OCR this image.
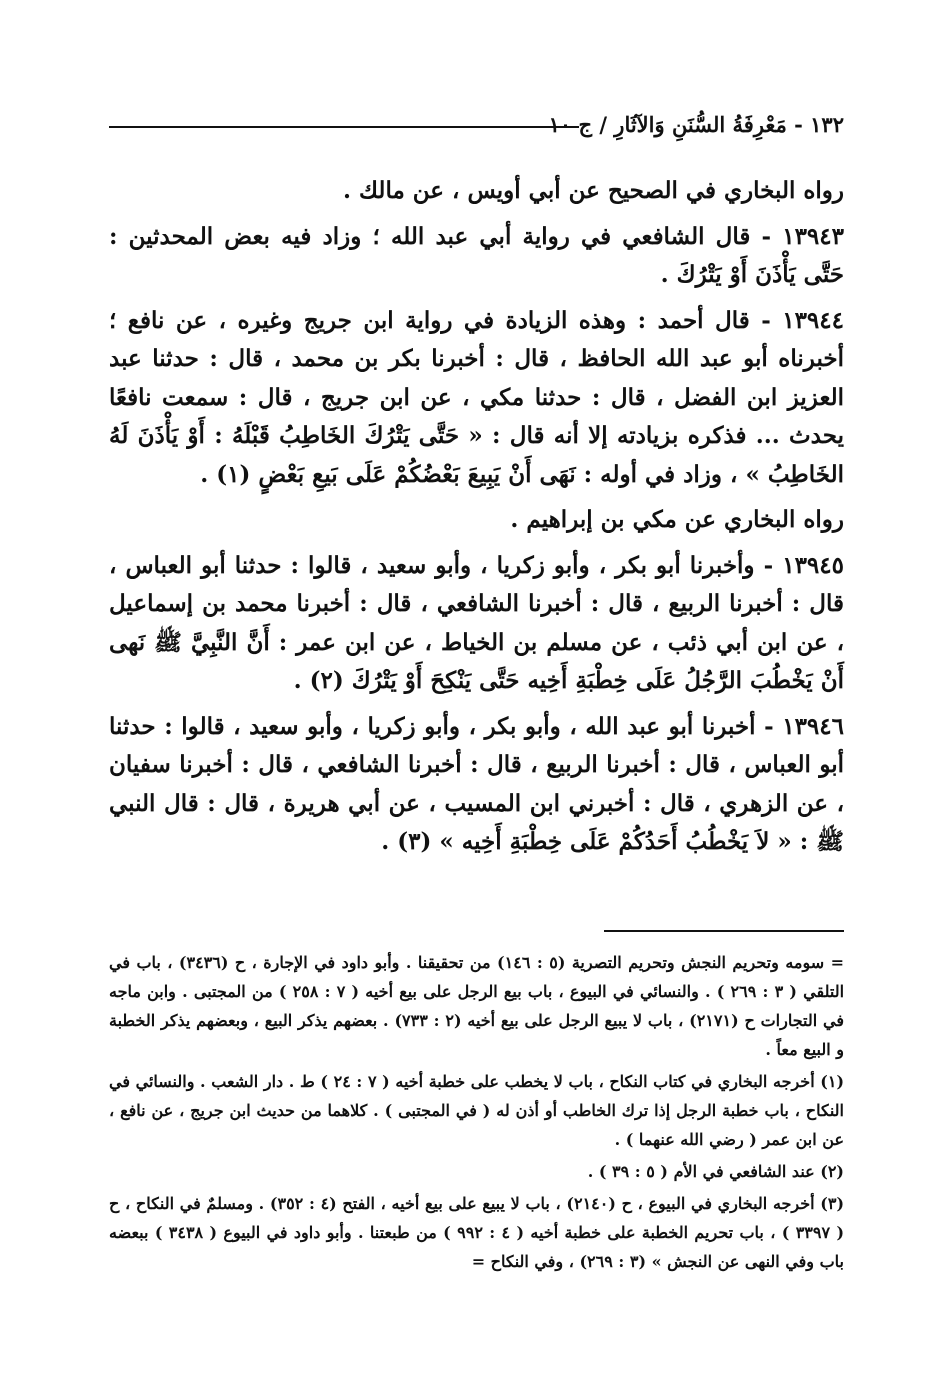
١٣٢ - مَعْرِفَةُ السُّنَنِ وَالآثَارِ / ج ١٠

رواه البخاري في الصحيح عن أبي أويس ، عن مالك .

١٣٩٤٣ - قال الشافعي في رواية أبي عبد الله ؛ وزاد فيه بعض المحدثين : حَتَّى يَأْذَنَ أَوْ يَتْرُكَ .

١٣٩٤٤ - قال أحمد : وهذه الزيادة في رواية ابن جريج وغيره ، عن نافع ؛ أخبرناه أبو عبد الله الحافظ ، قال : أخبرنا بكر بن محمد ، قال : حدثنا عبد العزيز ابن الفضل ، قال : حدثنا مكي ، عن ابن جريج ، قال : سمعت نافعًا يحدث ... فذكره بزيادته إلا أنه قال : « حَتَّى يَتْرُكَ الخَاطِبُ قَبْلَهُ : أَوْ يَأْذَنَ لَهُ الخَاطِبُ » ، وزاد في أوله : نَهَى أَنْ يَبِيعَ بَعْضُكُمْ عَلَى بَيعِ بَعْضٍ (١) .

رواه البخاري عن مكي بن إبراهيم .

١٣٩٤٥ - وأخبرنا أبو بكر ، وأبو زكريا ، وأبو سعيد ، قالوا : حدثنا أبو العباس ، قال : أخبرنا الربيع ، قال : أخبرنا الشافعي ، قال : أخبرنا محمد بن إسماعيل ، عن ابن أبي ذئب ، عن مسلم بن الخياط ، عن ابن عمر : أَنَّ النَّبِيَّ ﷺ نَهى أَنْ يَخْطُبَ الرَّجُلُ عَلَى خِطْبَةِ أَخِيه حَتَّى يَنْكِحَ أَوْ يَتْرُكَ (٢) .

١٣٩٤٦ - أخبرنا أبو عبد الله ، وأبو بكر ، وأبو زكريا ، وأبو سعيد ، قالوا : حدثنا أبو العباس ، قال : أخبرنا الربيع ، قال : أخبرنا الشافعي ، قال : أخبرنا سفيان ، عن الزهري ، قال : أخبرني ابن المسيب ، عن أبي هريرة ، قال : قال النبي ﷺ : « لاَ يَخْطُبُ أَحَدُكُمْ عَلَى خِطْبَةِ أَخِيه » (٣) .

= سومه وتحريم النجش وتحريم التصرية (٥ : ١٤٦) من تحقيقنا . وأبو داود في الإجارة ، ح (٣٤٣٦) ، باب في التلقي ( ٣ : ٢٦٩ ) . والنسائي في البيوع ، باب بيع الرجل على بيع أخيه ( ٧ : ٢٥٨ ) من المجتبى . وابن ماجه في التجارات ح (٢١٧١) ، باب لا يبيع الرجل على بيع أخيه (٢ : ٧٣٣) . بعضهم يذكر البيع ، وبعضهم يذكر الخطبة و البيع معاً .

(١) أخرجه البخاري في كتاب النكاح ، باب لا يخطب على خطبة أخيه ( ٧ : ٢٤ ) ط . دار الشعب . والنسائي في النكاح ، باب خطبة الرجل إذا ترك الخاطب أو أذن له ( في المجتبى ) . كلاهما من حديث ابن جريج ، عن نافع ، عن ابن عمر ( رضي الله عنهما ) .

(٢) عند الشافعي في الأم ( ٥ : ٣٩ ) .

(٣) أخرجه البخاري في البيوع ، ح (٢١٤٠) ، باب لا يبيع على بيع أخيه ، الفتح (٤ : ٣٥٢) . ومسلمٌ في النكاح ، ح ( ٣٣٩٧ ) ، باب تحريم الخطبة على خطبة أخيه ( ٤ : ٩٩٢ ) من طبعتنا . وأبو داود في البيوع ( ٣٤٣٨ ) ببعضه باب وفي النهى عن النجش » (٣ : ٢٦٩) ، وفي النكاح =
